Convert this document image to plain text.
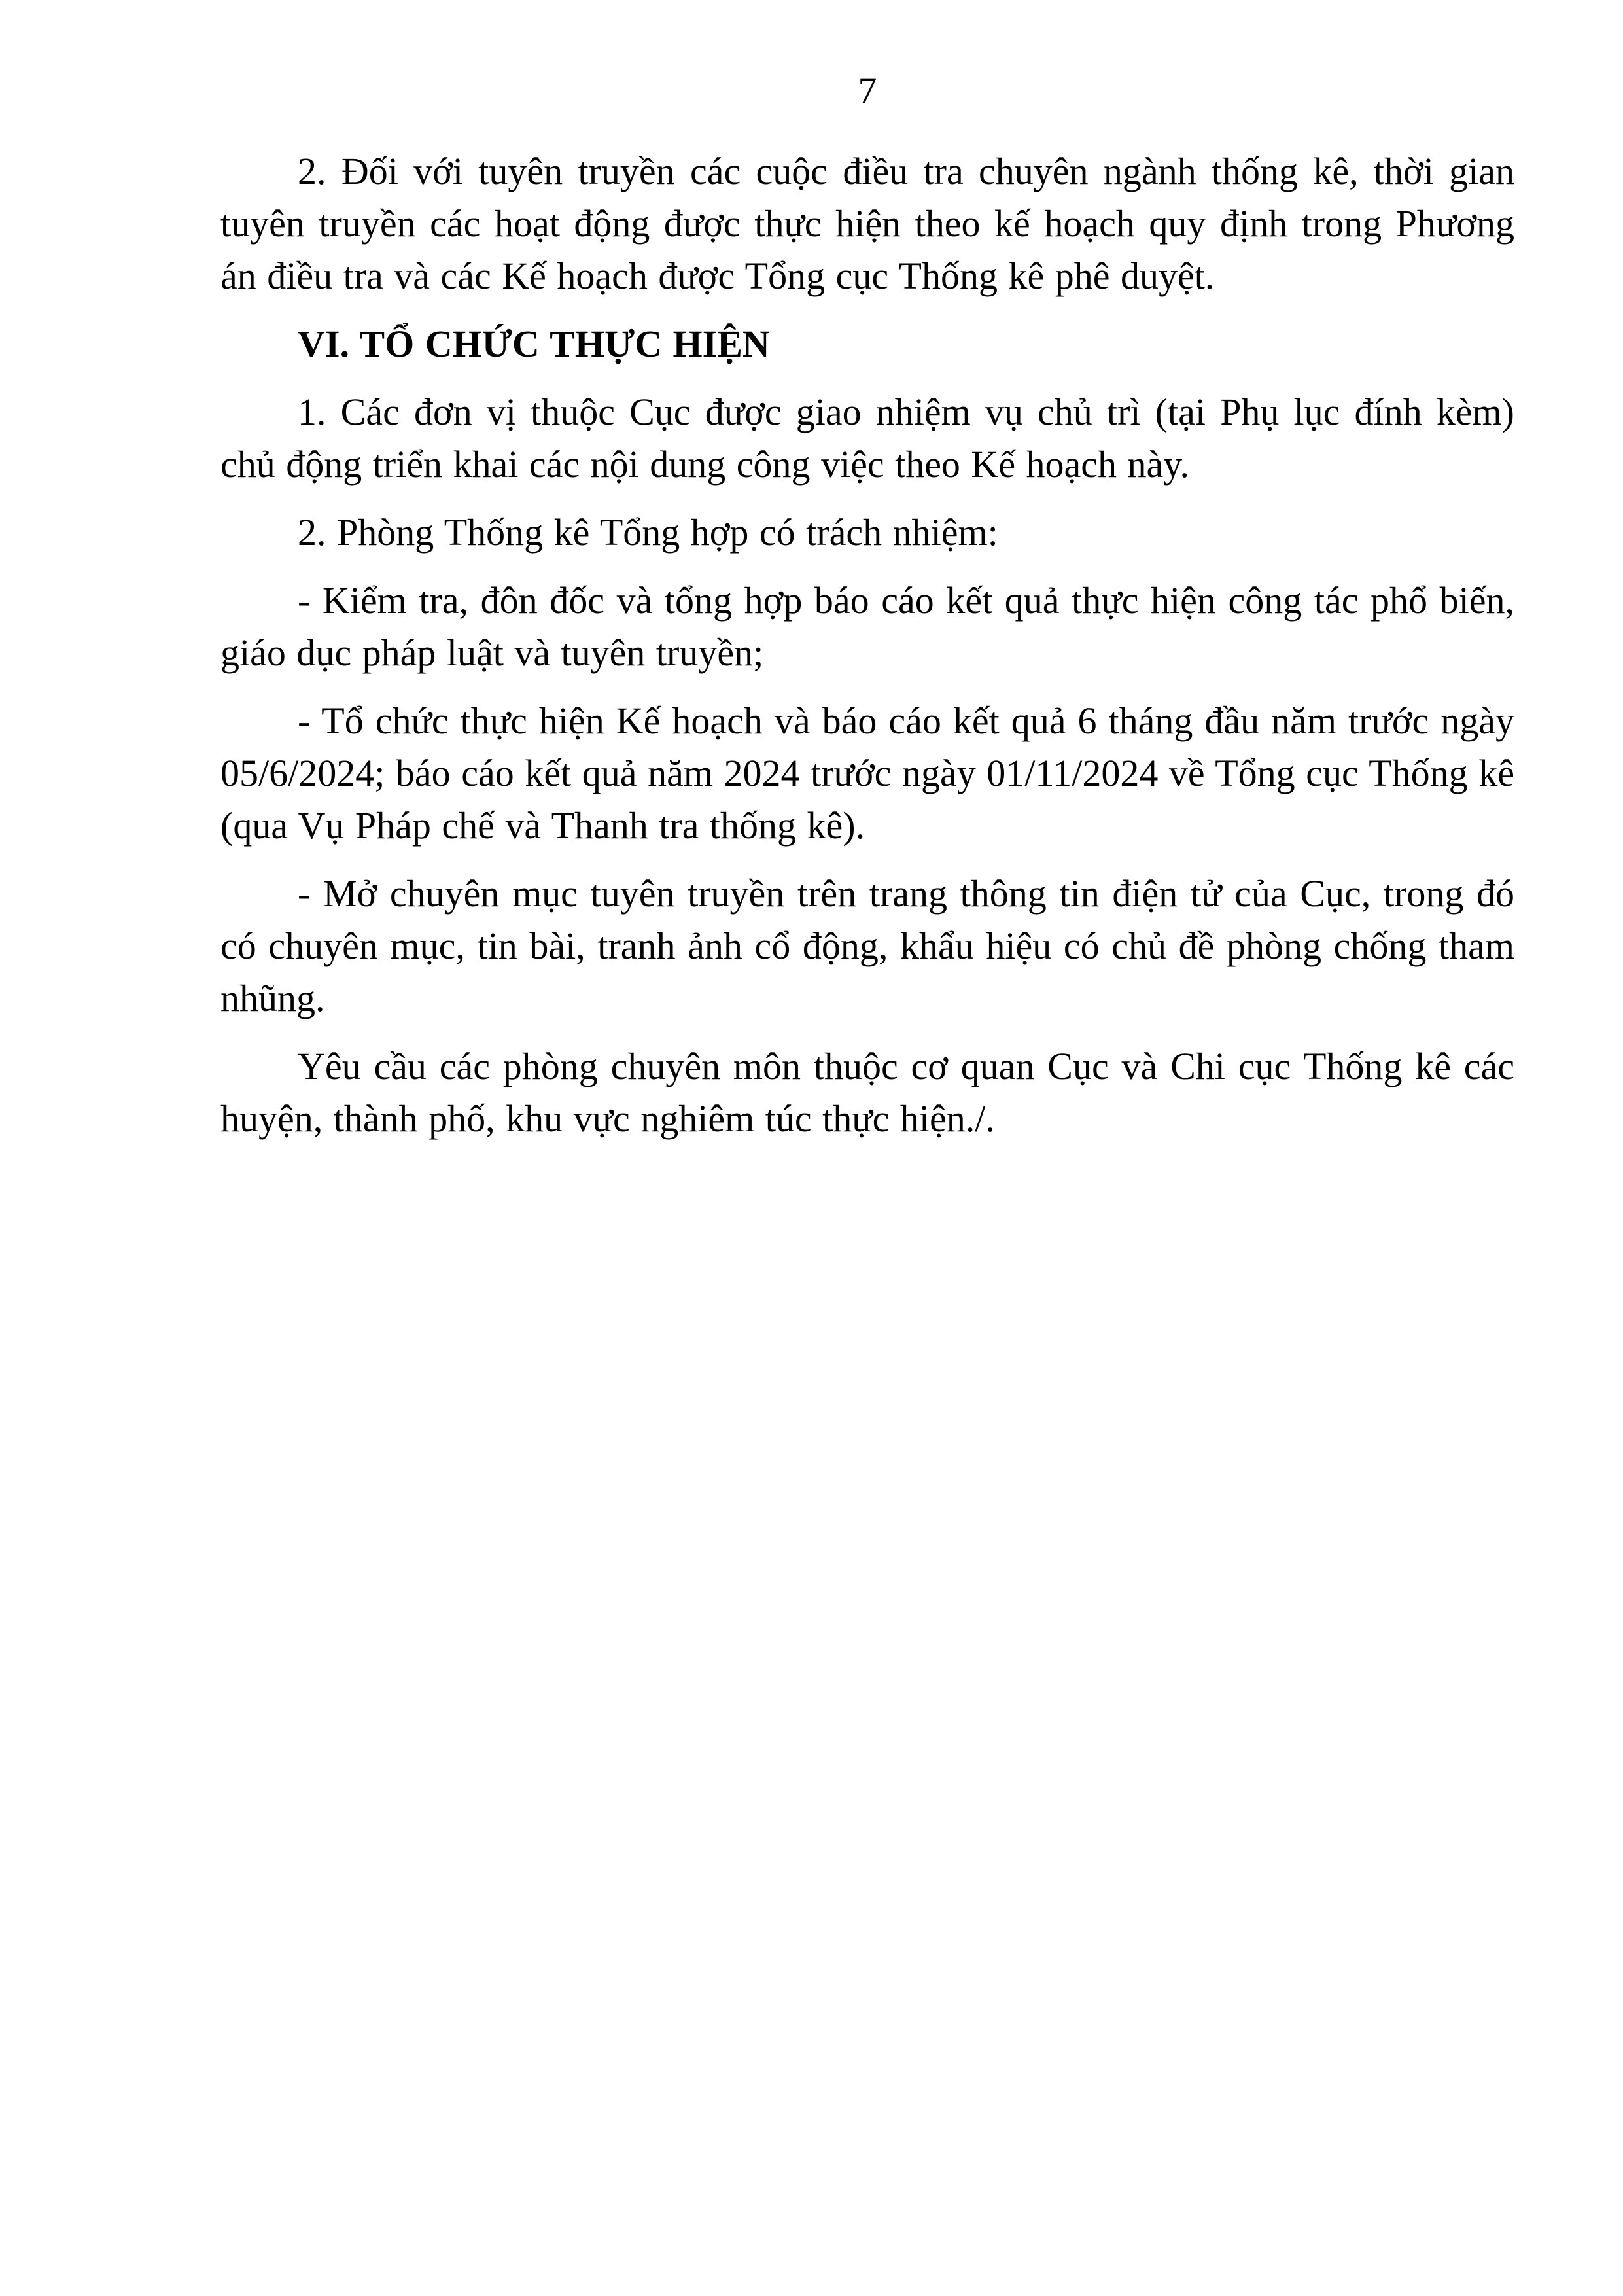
7

2. Đối với tuyên truyền các cuộc điều tra chuyên ngành thống kê, thời gian tuyên truyền các hoạt động được thực hiện theo kế hoạch quy định trong Phương án điều tra và các Kế hoạch được Tổng cục Thống kê phê duyệt.

VI. TỔ CHỨC THỰC HIỆN

1. Các đơn vị thuộc Cục được giao nhiệm vụ chủ trì (tại Phụ lục đính kèm) chủ động triển khai các nội dung công việc theo Kế hoạch này.

2. Phòng Thống kê Tổng hợp có trách nhiệm:

- Kiểm tra, đôn đốc và tổng hợp báo cáo kết quả thực hiện công tác phổ biến, giáo dục pháp luật và tuyên truyền;

- Tổ chức thực hiện Kế hoạch và báo cáo kết quả 6 tháng đầu năm trước ngày 05/6/2024; báo cáo kết quả năm 2024 trước ngày 01/11/2024 về Tổng cục Thống kê (qua Vụ Pháp chế và Thanh tra thống kê).

- Mở chuyên mục tuyên truyền trên trang thông tin điện tử của Cục, trong đó có chuyên mục, tin bài, tranh ảnh cổ động, khẩu hiệu có chủ đề phòng chống tham nhũng.

Yêu cầu các phòng chuyên môn thuộc cơ quan Cục và Chi cục Thống kê các huyện, thành phố, khu vực nghiêm túc thực hiện./.
